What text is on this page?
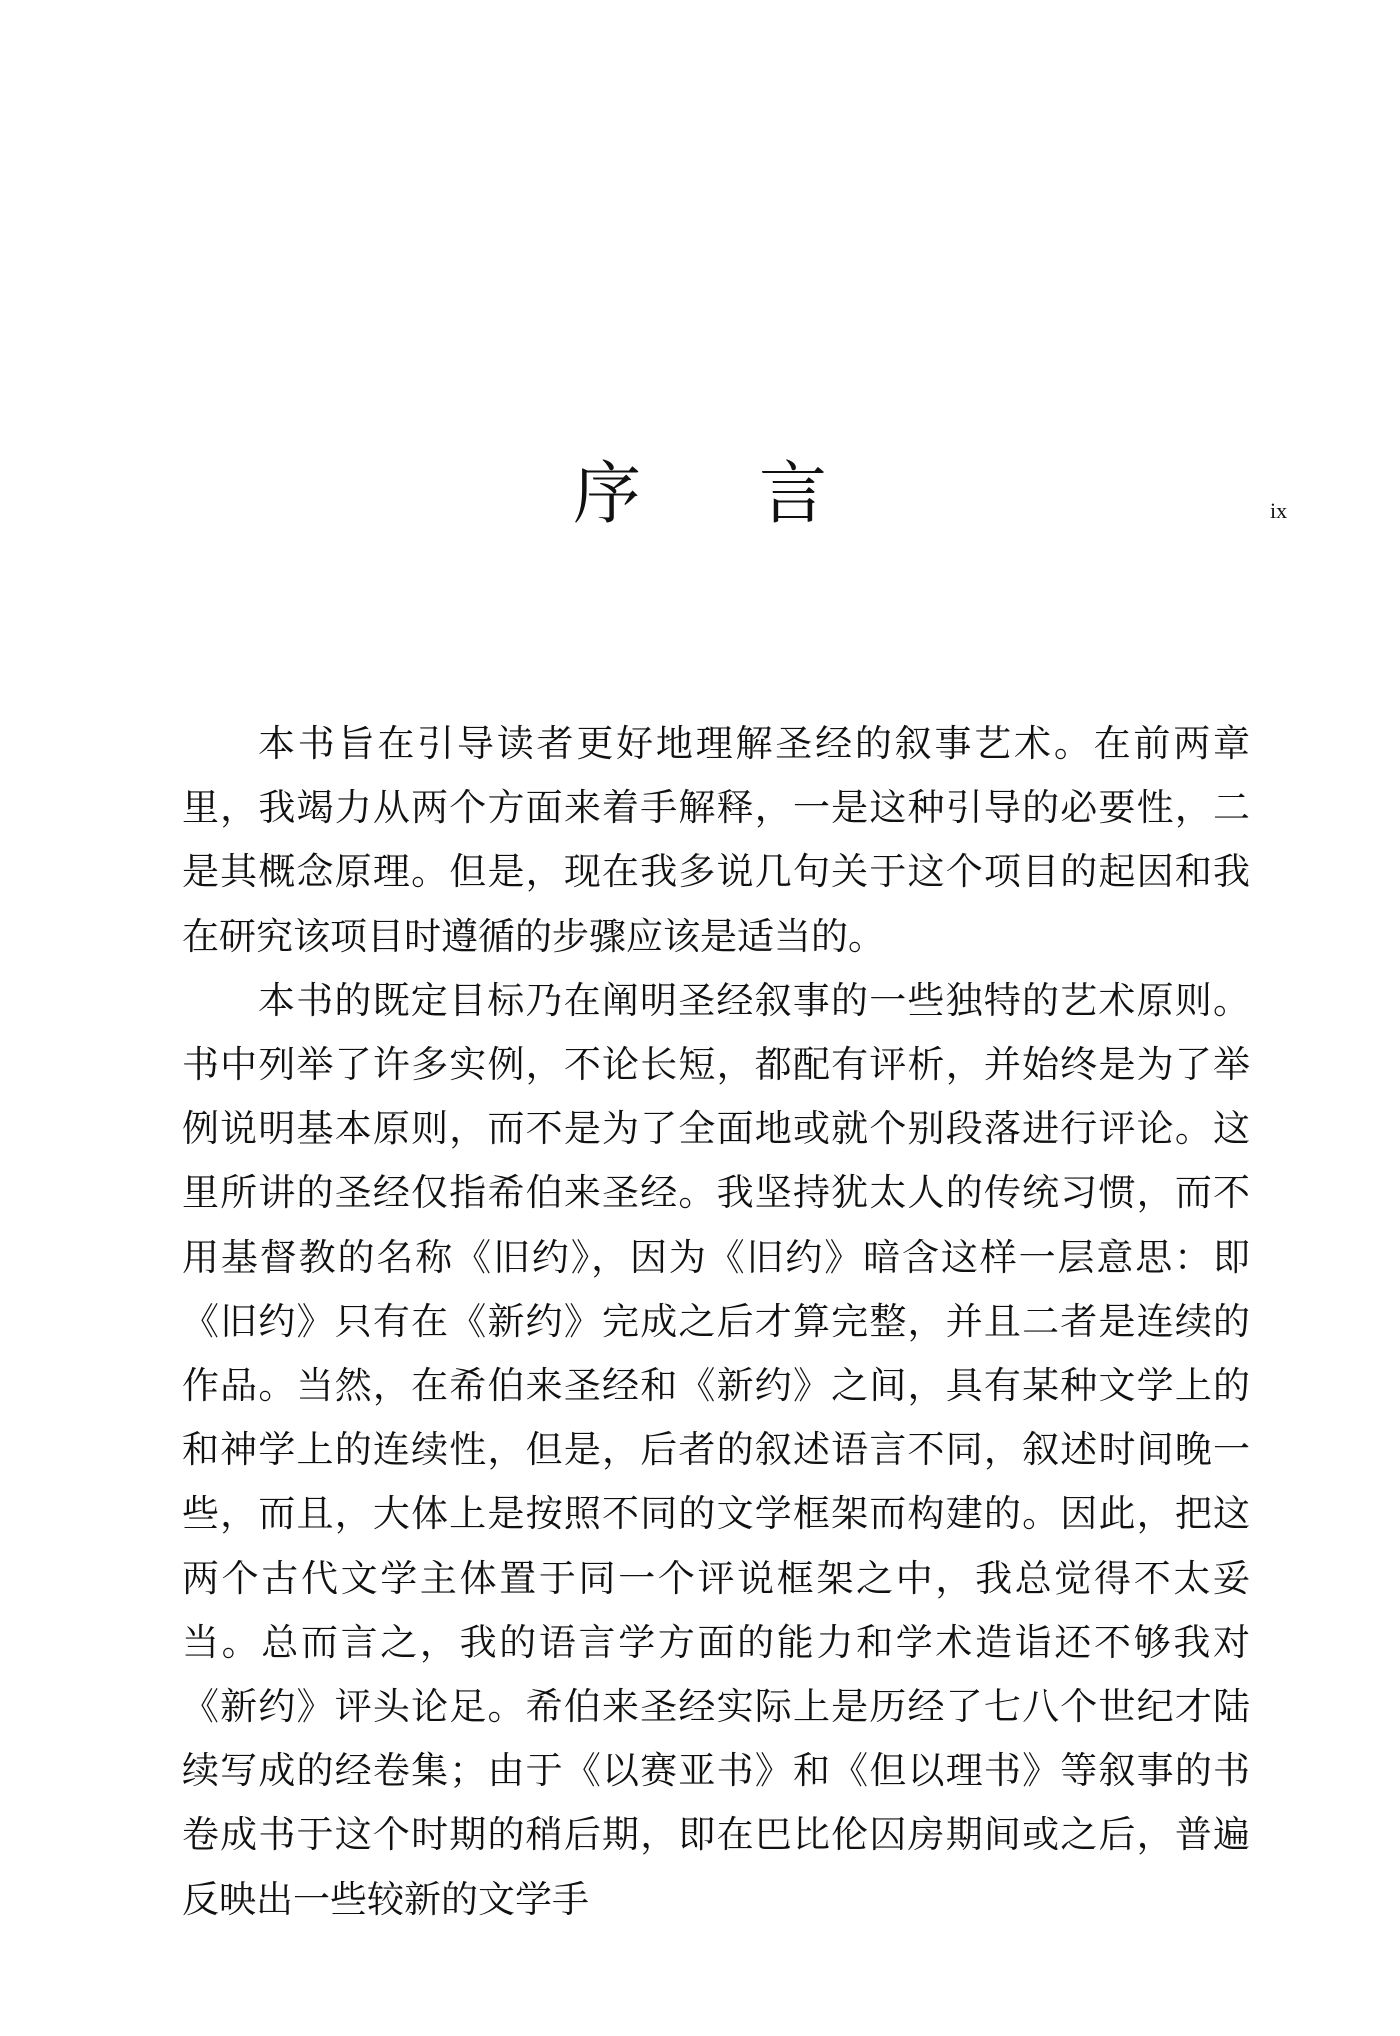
序言	ix

本书旨在引导读者更好地理解圣经的叙事艺术。在前两章里，我竭力从两个方面来着手解释，一是这种引导的必要性，二是其概念原理。但是，现在我多说几句关于这个项目的起因和我在研究该项目时遵循的步骤应该是适当的。

本书的既定目标乃在阐明圣经叙事的一些独特的艺术原则。书中列举了许多实例，不论长短，都配有评析，并始终是为了举例说明基本原则，而不是为了全面地或就个别段落进行评论。这里所讲的圣经仅指希伯来圣经。我坚持犹太人的传统习惯，而不用基督教的名称《旧约》，因为《旧约》暗含这样一层意思：即《旧约》只有在《新约》完成之后才算完整，并且二者是连续的作品。当然，在希伯来圣经和《新约》之间，具有某种文学上的和神学上的连续性，但是，后者的叙述语言不同，叙述时间晚一些，而且，大体上是按照不同的文学框架而构建的。因此，把这两个古代文学主体置于同一个评说框架之中，我总觉得不太妥当。总而言之，我的语言学方面的能力和学术造诣还不够我对《新约》评头论足。希伯来圣经实际上是历经了七八个世纪才陆续写成的经卷集；由于《以赛亚书》和《但以理书》等叙事的书卷成书于这个时期的稍后期，即在巴比伦囚房期间或之后，普遍反映出一些较新的文学手
